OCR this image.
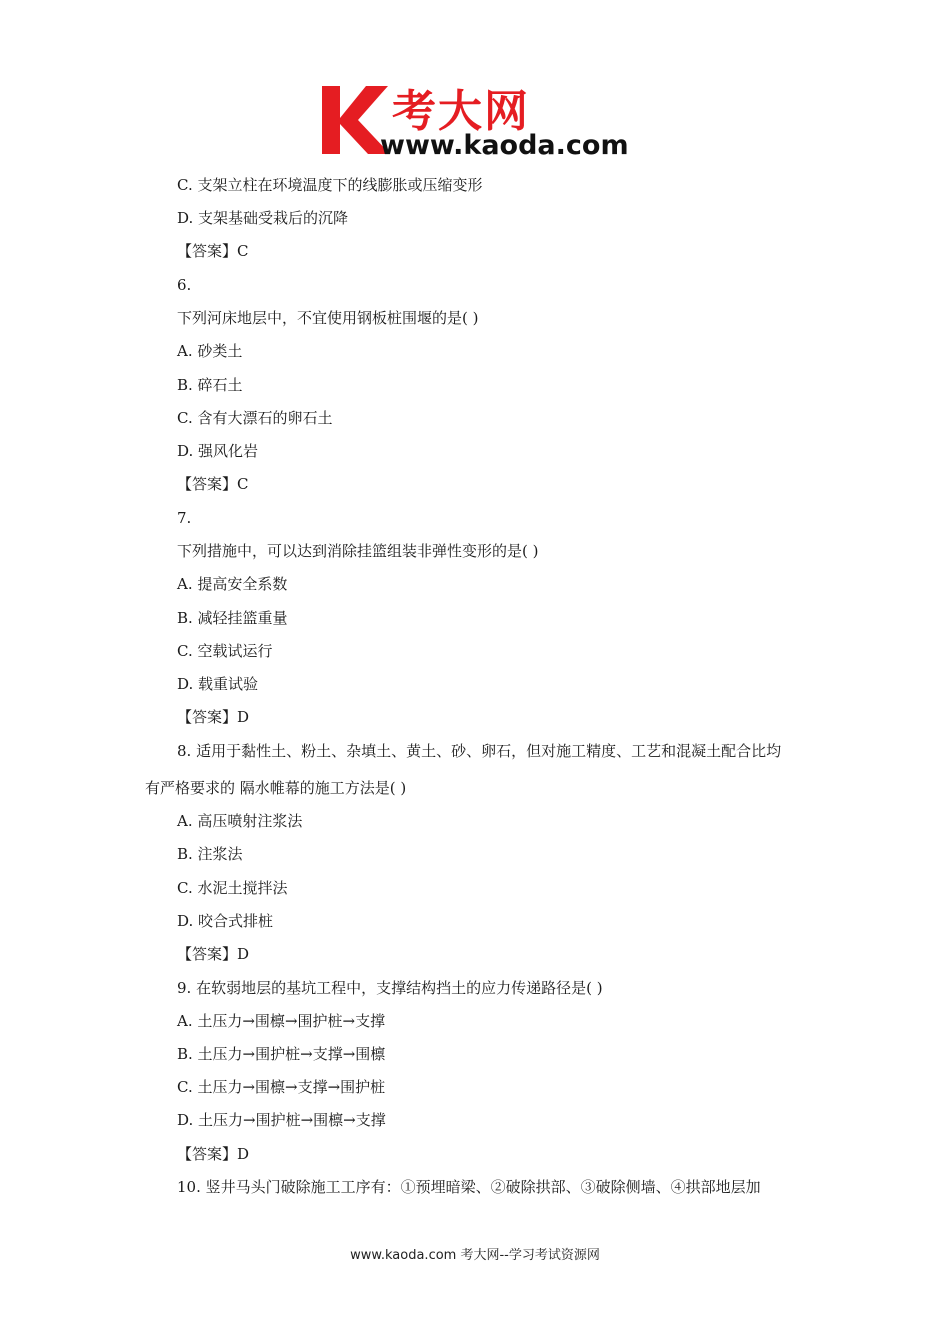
考大网
www.kaoda.com
C. 支架立柱在环境温度下的线膨胀或压缩变形
D. 支架基础受栽后的沉降
【答案】C
6.
下列河床地层中，不宜使用钢板桩围堰的是( )
A. 砂类土
B. 碎石土
C. 含有大漂石的卵石土
D. 强风化岩
【答案】C
7.
下列措施中，可以达到消除挂篮组装非弹性变形的是( )
A. 提高安全系数
B. 减轻挂篮重量
C. 空载试运行
D. 载重试验
【答案】D
8. 适用于黏性土、粉土、杂填土、黄土、砂、卵石，但对施工精度、工艺和混凝土配合比均
有严格要求的 隔水帷幕的施工方法是( )
A. 高压喷射注浆法
B. 注浆法
C. 水泥土搅拌法
D. 咬合式排桩
【答案】D
9. 在软弱地层的基坑工程中，支撑结构挡土的应力传递路径是( )
A. 土压力→围檩→围护桩→支撑
B. 土压力→围护桩→支撑→围檩
C. 土压力→围檩→支撑→围护桩
D. 土压力→围护桩→围檩→支撑
【答案】D
10. 竖井马头门破除施工工序有：①预埋暗梁、②破除拱部、③破除侧墙、④拱部地层加
www.kaoda.com 考大网--学习考试资源网
